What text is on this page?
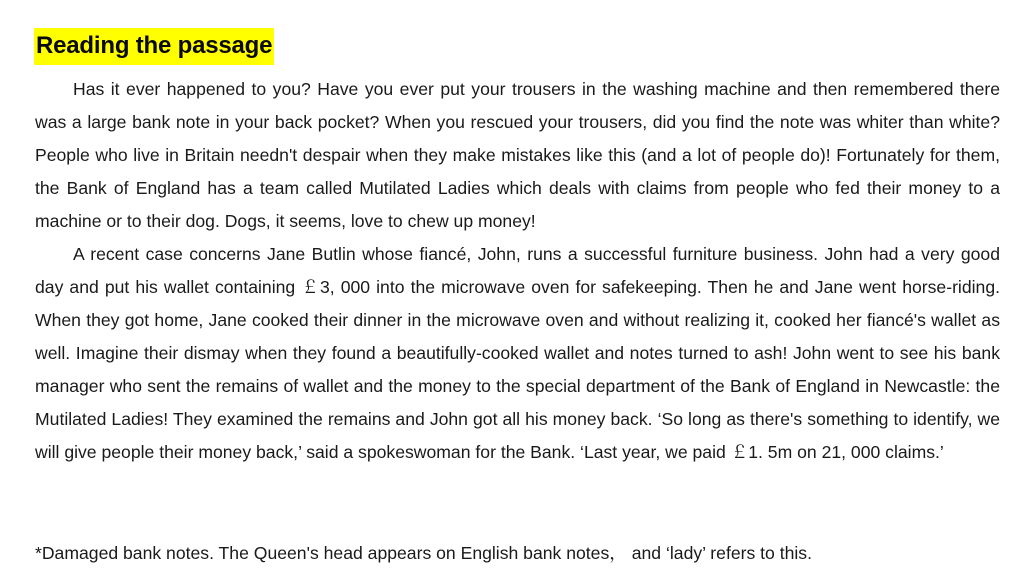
Reading the passage

Has it ever happened to you? Have you ever put your trousers in the washing machine and then remembered there was a large bank note in your back pocket? When you rescued your trousers, did you find the note was whiter than white? People who live in Britain needn't despair when they make mistakes like this (and a lot of people do)! Fortunately for them, the Bank of England has a team called Mutilated Ladies which deals with claims from people who fed their money to a machine or to their dog. Dogs, it seems, love to chew up money!

A recent case concerns Jane Butlin whose fiancé, John, runs a successful furniture business. John had a very good day and put his wallet containing ￡3, 000 into the microwave oven for safekeeping. Then he and Jane went horse-riding. When they got home, Jane cooked their dinner in the microwave oven and without realizing it, cooked her fiancé's wallet as well. Imagine their dismay when they found a beautifully-cooked wallet and notes turned to ash! John went to see his bank manager who sent the remains of wallet and the money to the special department of the Bank of England in Newcastle: the Mutilated Ladies! They examined the remains and John got all his money back. ‘So long as there's something to identify, we will give people their money back,’ said a spokeswoman for the Bank. ‘Last year, we paid ￡1. 5m on 21, 000 claims.’

*Damaged bank notes. The Queen's head appears on English bank notes， and ‘lady’ refers to this.
